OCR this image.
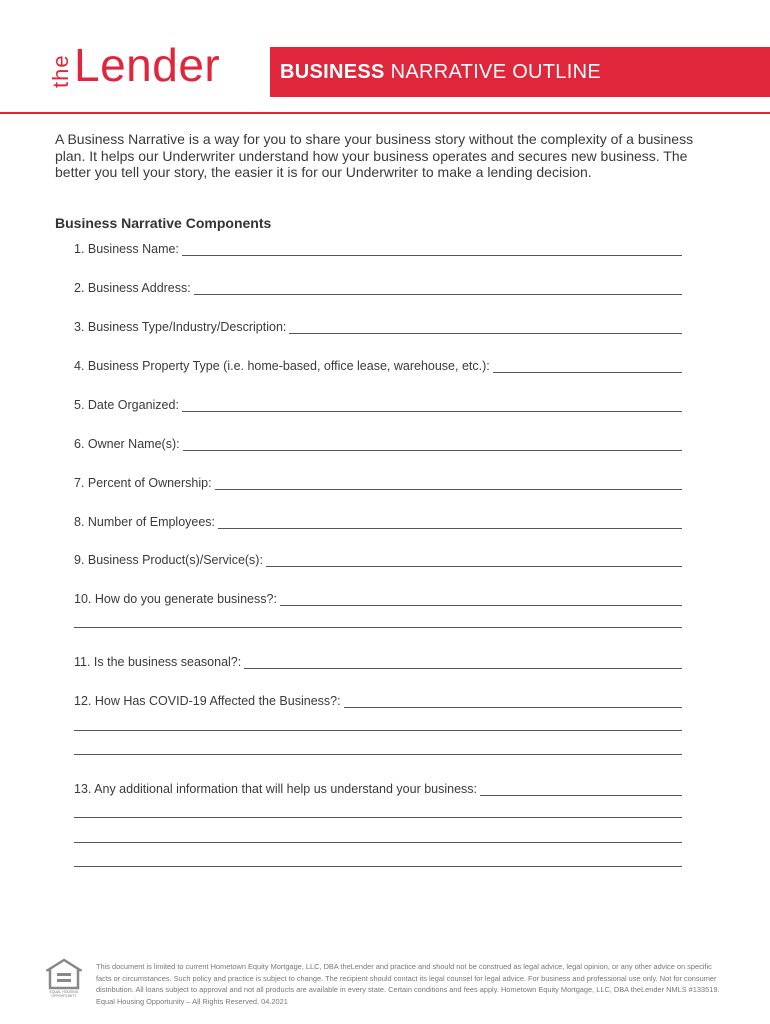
the Lender	BUSINESS NARRATIVE OUTLINE

A Business Narrative is a way for you to share your business story without the complexity of a business plan. It helps our Underwriter understand how your business operates and secures new business. The better you tell your story, the easier it is for our Underwriter to make a lending decision.

Business Narrative Components
1. Business Name:
2. Business Address:
3. Business Type/Industry/Description:
4. Business Property Type (i.e. home-based, office lease, warehouse, etc.):
5. Date Organized:
6. Owner Name(s):
7. Percent of Ownership:
8. Number of Employees:
9. Business Product(s)/Service(s):
10. How do you generate business?:
11. Is the business seasonal?:
12. How Has COVID-19 Affected the Business?:
13. Any additional information that will help us understand your business:
EQUAL HOUSING OPPORTUNITY

This document is limited to current Hometown Equity Mortgage, LLC, DBA theLender and practice and should not be construed as legal advice, legal opinion, or any other advice on specific facts or circumstances. Such policy and practice is subject to change. The recipient should contact its legal counsel for legal advice. For business and professional use only. Not for consumer distribution. All loans subject to approval and not all products are available in every state. Certain conditions and fees apply. Hometown Equity Mortgage, LLC, DBA theLender NMLS #133519. Equal Housing Opportunity – All Rights Reserved. 04.2021
